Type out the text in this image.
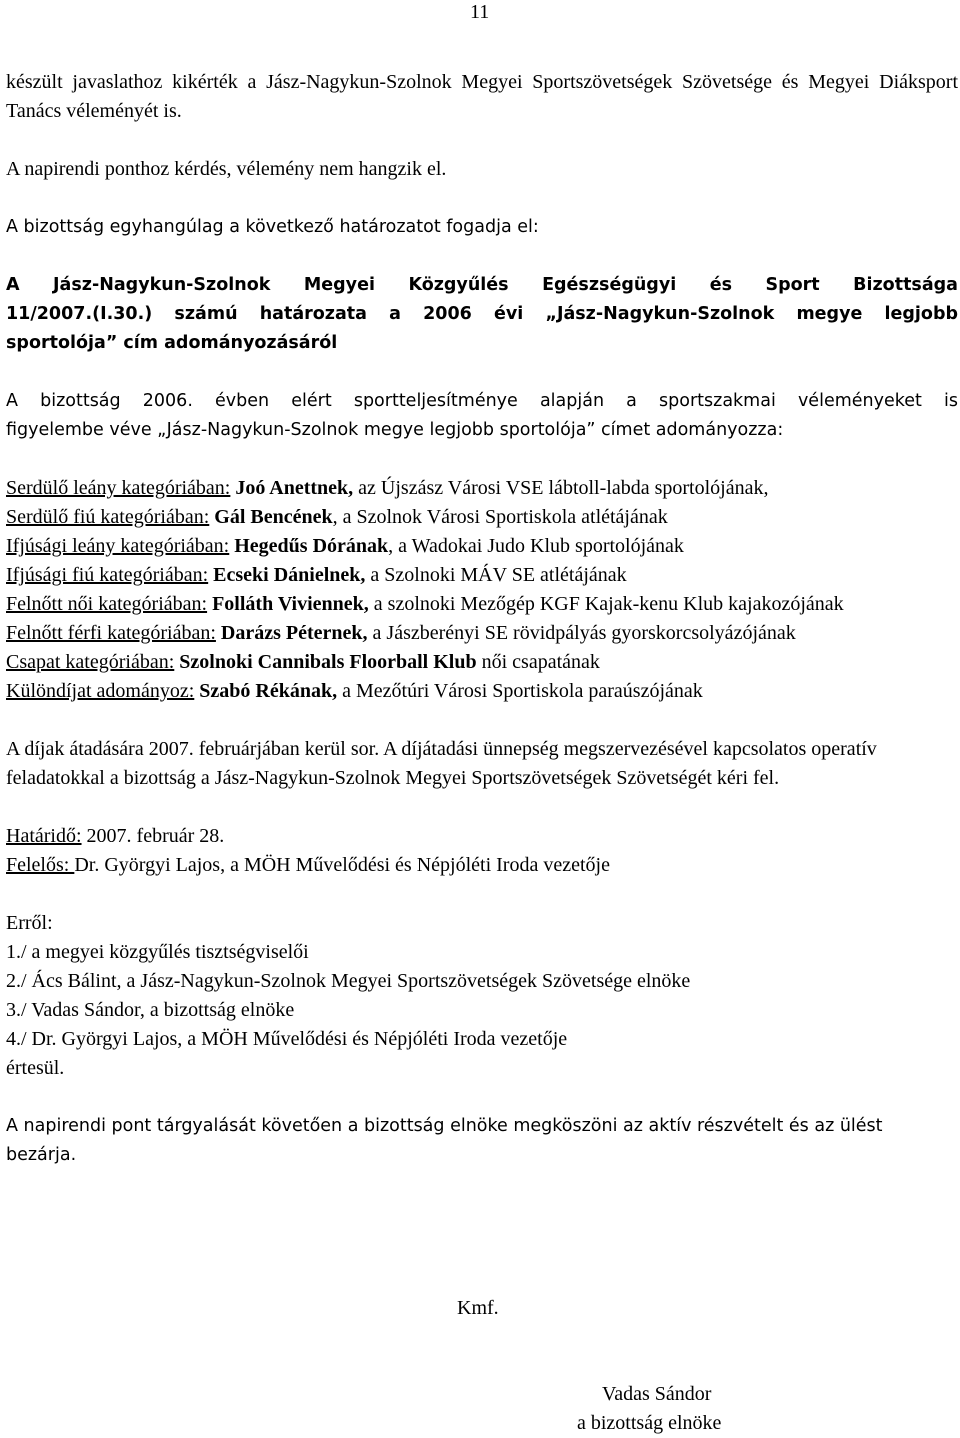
11

készült javaslathoz kikérték a Jász-Nagykun-Szolnok Megyei Sportszövetségek Szövetsége és Megyei Diáksport Tanács véleményét is.

A napirendi ponthoz kérdés, vélemény nem hangzik el.

A bizottság egyhangúlag a következő határozatot fogadja el:

A Jász-Nagykun-Szolnok Megyei Közgyűlés Egészségügyi és Sport Bizottsága

11/2007.(I.30.) számú határozata a 2006 évi „Jász-Nagykun-Szolnok megye legjobb

sportolója” cím adományozásáról

A bizottság 2006. évben elért sportteljesítménye alapján a sportszakmai véleményeket is

figyelembe véve „Jász-Nagykun-Szolnok megye legjobb sportolója” címet adományozza:

Serdülő leány kategóriában: Joó Anettnek, az Újszász Városi VSE lábtoll-labda sportolójának,

Serdülő fiú kategóriában: Gál Bencének, a Szolnok Városi Sportiskola atlétájának

Ifjúsági leány kategóriában: Hegedűs Dórának, a Wadokai Judo Klub sportolójának

Ifjúsági fiú kategóriában: Ecseki Dánielnek, a Szolnoki MÁV SE atlétájának

Felnőtt női kategóriában: Folláth Viviennek, a szolnoki Mezőgép KGF Kajak-kenu Klub kajakozójának

Felnőtt férfi kategóriában: Darázs Péternek, a Jászberényi SE rövidpályás gyorskorcsolyázójának

Csapat kategóriában: Szolnoki Cannibals Floorball Klub női csapatának

Különdíjat adományoz: Szabó Rékának, a Mezőtúri Városi Sportiskola paraúszójának

A díjak átadására 2007. februárjában kerül sor. A díjátadási ünnepség megszervezésével kapcsolatos operatív feladatokkal a bizottság a Jász-Nagykun-Szolnok Megyei Sportszövetségek Szövetségét kéri fel.

Határidő: 2007. február 28.

Felelős: Dr. Györgyi Lajos, a MÖH Művelődési és Népjóléti Iroda vezetője

Erről:

1./ a megyei közgyűlés tisztségviselői

2./ Ács Bálint, a Jász-Nagykun-Szolnok Megyei Sportszövetségek Szövetsége elnöke

3./ Vadas Sándor, a bizottság elnöke

4./ Dr. Györgyi Lajos, a MÖH Művelődési és Népjóléti Iroda vezetője

értesül.

A napirendi pont tárgyalását követően a bizottság elnöke megköszöni az aktív részvételt és az ülést bezárja.

Kmf.
Vadas Sándor
a bizottság elnöke
